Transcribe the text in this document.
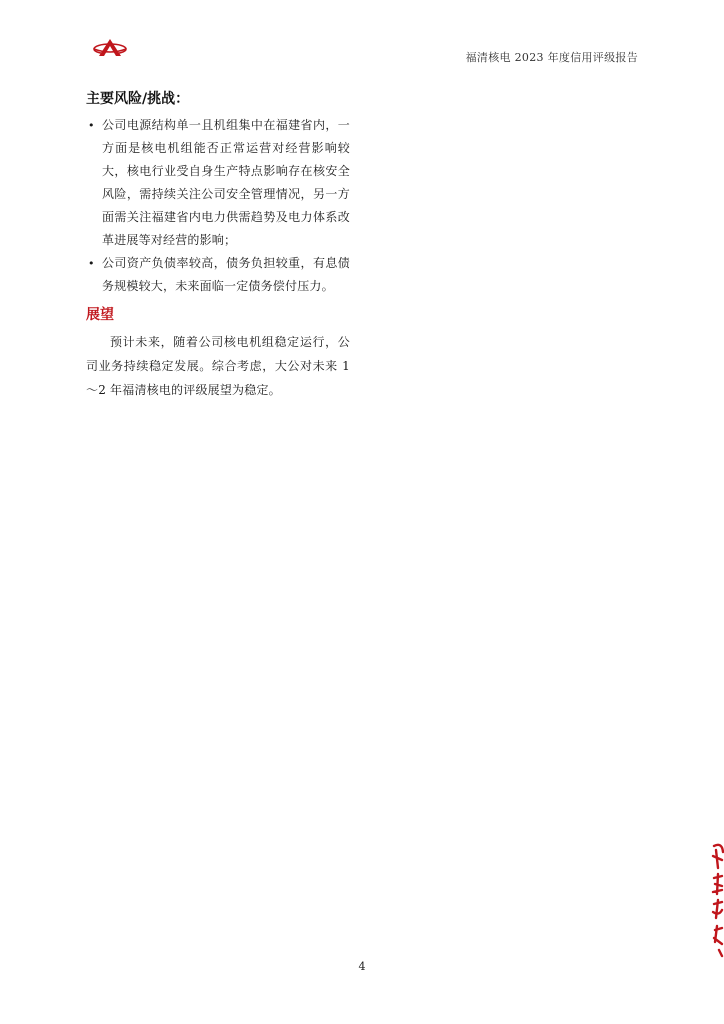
福清核电 2023 年度信用评级报告
主要风险/挑战：
• 公司电源结构单一且机组集中在福建省内，一方面是核电机组能否正常运营对经营影响较大，核电行业受自身生产特点影响存在核安全风险，需持续关注公司安全管理情况，另一方面需关注福建省内电力供需趋势及电力体系改革进展等对经营的影响；
• 公司资产负债率较高，债务负担较重，有息债务规模较大，未来面临一定债务偿付压力。
展望

预计未来，随着公司核电机组稳定运行，公司业务持续稳定发展。综合考虑，大公对未来 1～2 年福清核电的评级展望为稳定。

4
